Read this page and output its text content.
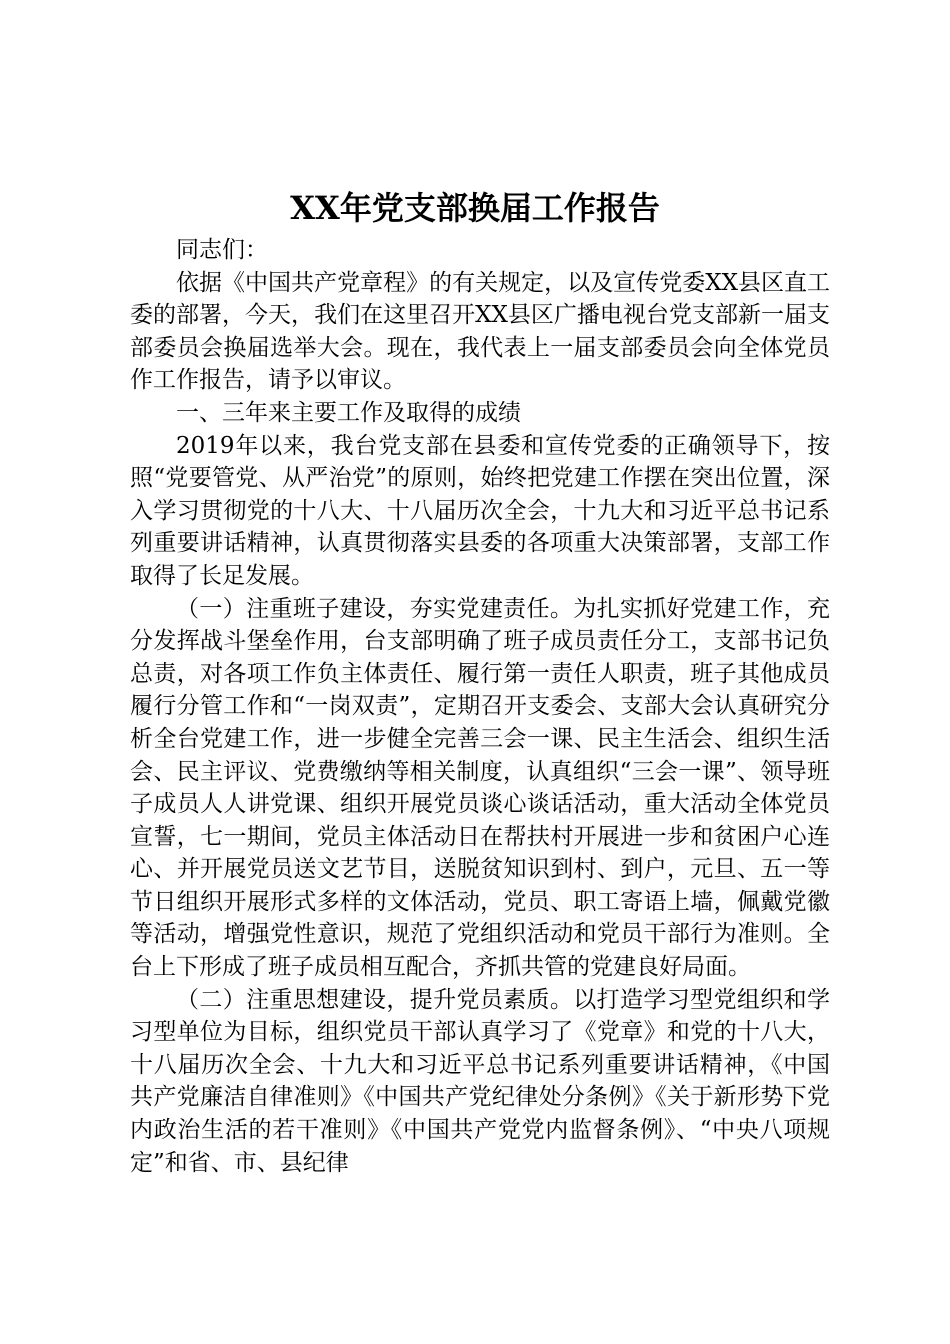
XX年党支部换届工作报告

同志们：

依据《中国共产党章程》的有关规定，以及宣传党委XX县区直工委的部署，今天，我们在这里召开XX县区广播电视台党支部新一届支部委员会换届选举大会。现在，我代表上一届支部委员会向全体党员作工作报告，请予以审议。

一、三年来主要工作及取得的成绩

2019年以来，我台党支部在县委和宣传党委的正确领导下，按照“党要管党、从严治党”的原则，始终把党建工作摆在突出位置，深入学习贯彻党的十八大、十八届历次全会，十九大和习近平总书记系列重要讲话精神，认真贯彻落实县委的各项重大决策部署，支部工作取得了长足发展。

（一）注重班子建设，夯实党建责任。为扎实抓好党建工作，充分发挥战斗堡垒作用，台支部明确了班子成员责任分工，支部书记负总责，对各项工作负主体责任、履行第一责任人职责，班子其他成员履行分管工作和“一岗双责”，定期召开支委会、支部大会认真研究分析全台党建工作，进一步健全完善三会一课、民主生活会、组织生活会、民主评议、党费缴纳等相关制度，认真组织“三会一课”、领导班子成员人人讲党课、组织开展党员谈心谈话活动，重大活动全体党员宣誓，七一期间，党员主体活动日在帮扶村开展进一步和贫困户心连心、并开展党员送文艺节目，送脱贫知识到村、到户，元旦、五一等节日组织开展形式多样的文体活动，党员、职工寄语上墙，佩戴党徽等活动，增强党性意识，规范了党组织活动和党员干部行为准则。全台上下形成了班子成员相互配合，齐抓共管的党建良好局面。

（二）注重思想建设，提升党员素质。以打造学习型党组织和学习型单位为目标，组织党员干部认真学习了《党章》和党的十八大，十八届历次全会、十九大和习近平总书记系列重要讲话精神，《中国共产党廉洁自律准则》《中国共产党纪律处分条例》《关于新形势下党内政治生活的若干准则》《中国共产党党内监督条例》、“中央八项规定”和省、市、县纪律
